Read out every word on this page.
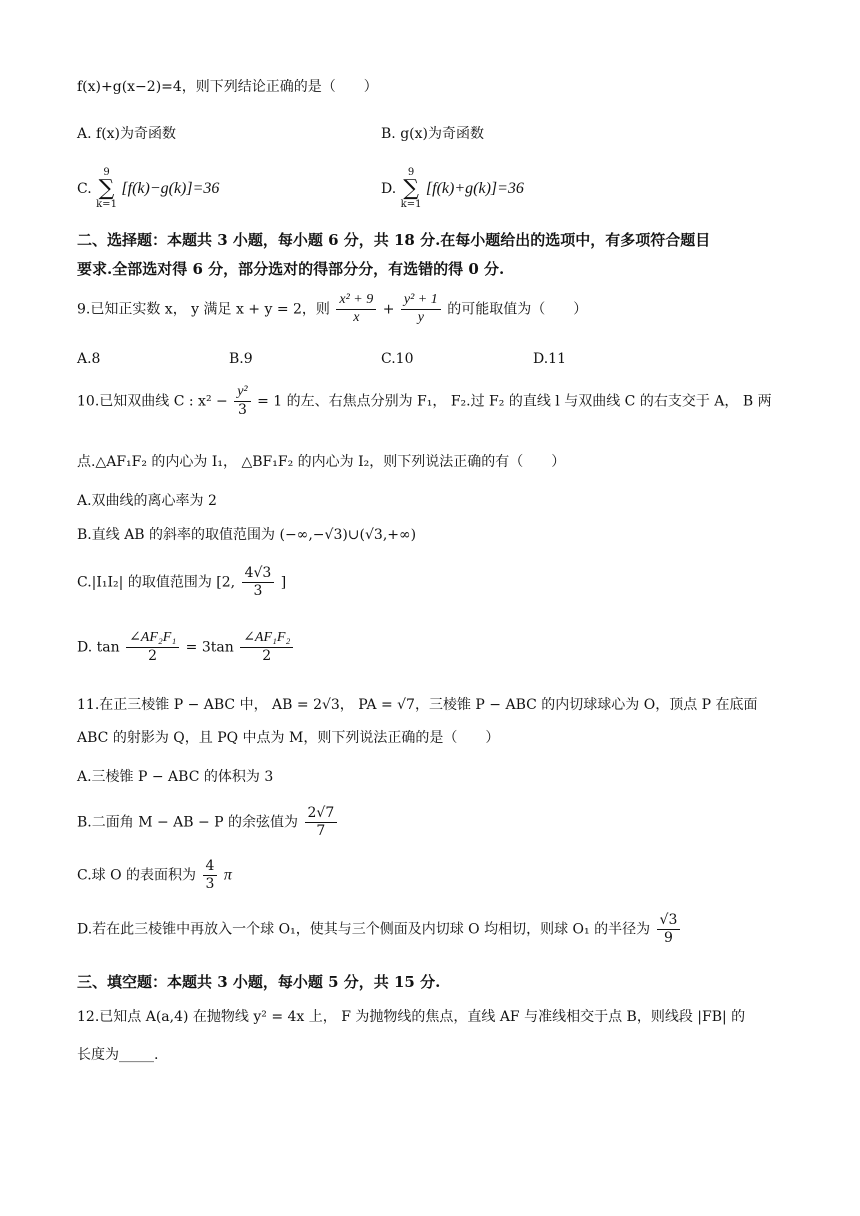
f(x)+g(x−2)=4，则下列结论正确的是（　　）
A. f(x)为奇函数	B. g(x)为奇函数
C.
9
∑
k=1
[f(k)−g(k)]=36	D.
9
∑
k=1
[f(k)+g(k)]=36
二、选择题：本题共 3 小题，每小题 6 分，共 18 分.在每小题给出的选项中，有多项符合题目
要求.全部选对得 6 分，部分选对的得部分分，有选错的得 0 分.
9.已知正实数 x， y 满足 x + y = 2，则 $\frac{\text{x² + 9}}{x} + \frac{\text{y² + 1}}{y}$ 的可能取值为（　　）
A.8	B.9	C.10	D.11
10.已知双曲线 C : $x^2 - \frac{\text{y²}}{3} = 1$ 的左、右焦点分别为 F₁， F₂.过 F₂ 的直线 l 与双曲线 C 的右支交于 A， B 两
点.△AF₁F₂ 的内心为 I₁， △BF₁F₂ 的内心为 I₂，则下列说法正确的有（　　）
A.双曲线的离心率为 2
B.直线 AB 的斜率的取值范围为 (−∞,−√3)∪(√3,+∞)
C.|I₁I₂| 的取值范围为 [2, $\frac{4√3}{3}$ ]
D. $\tan \frac{\text{∠AF₂F₁}}{2} = 3\tan \frac{\text{∠AF₁F₂}}{2}$
11.在正三棱锥 P − ABC 中， AB = 2√3， PA = √7，三棱锥 P − ABC 的内切球球心为 O，顶点 P 在底面
ABC 的射影为 Q，且 PQ 中点为 M，则下列说法正确的是（　　）
A.三棱锥 P − ABC 的体积为 3
B.二面角 M − AB − P 的余弦值为 $\frac{2√7}{7}$
C.球 O 的表面积为 $\frac{4}{3}$ π
D.若在此三棱锥中再放入一个球 O₁，使其与三个侧面及内切球 O 均相切，则球 O₁ 的半径为 $\frac{√3}{9}$
三、填空题：本题共 3 小题，每小题 5 分，共 15 分.
12.已知点 A(a,4) 在抛物线 y² = 4x 上， F 为抛物线的焦点，直线 AF 与准线相交于点 B，则线段 |FB| 的
长度为_____.
